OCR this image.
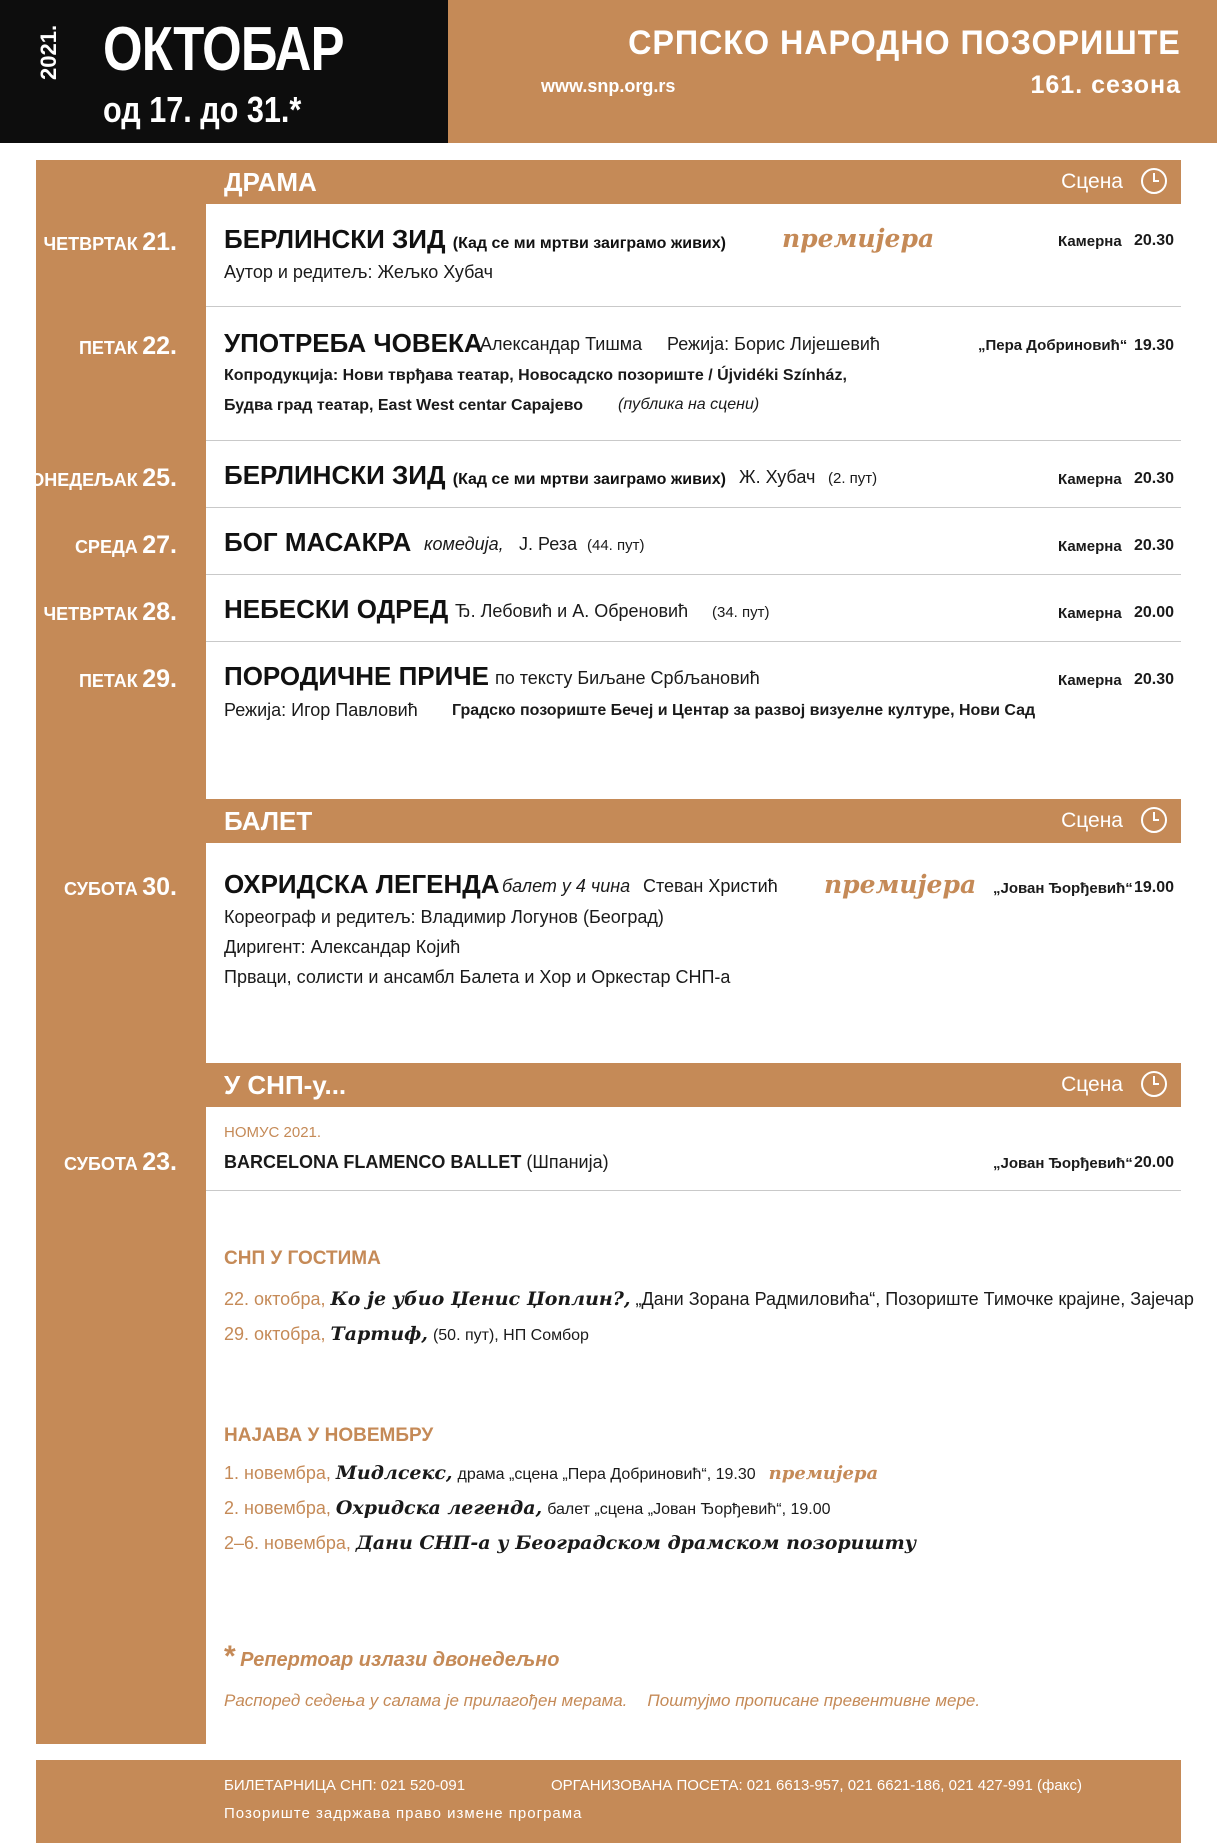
2021. ОКТОБАР
од 17. до 31.*
СРПСКО НАРОДНО ПОЗОРИШТЕ
www.snp.org.rs	161. сезона
ДРАМА	Сцена
ЧЕТВРТАК 21. БЕРЛИНСКИ ЗИД (Кад се ми мртви заиграмо живих) премијера	Камерна 20.30
Аутор и редитељ: Жељко Хубач
ПЕТАК 22. УПОТРЕБА ЧОВЕКА
Александар Тишма Режија: Борис Лијешевић	„Пера Добриновић“ 19.30
Копродукција: Нови тврђава театар, Новосадско позориште / Újvidéki Színház,
Будва град театар, East West centar Сарајево (публика на сцени)
ПОНЕДЕЉАК 25. БЕРЛИНСКИ ЗИД (Кад се ми мртви заиграмо живих) Ж. Хубач (2. пут)	Камерна 20.30
СРЕДА 27. БОГ МАСАКРА комедија, Ј. Реза (44. пут)	Камерна 20.30
ЧЕТВРТАК 28. НЕБЕСКИ ОДРЕД Ђ. Лебовић и А. Обреновић (34. пут)	Камерна 20.00
ПЕТАК 29. ПОРОДИЧНЕ ПРИЧЕ по тексту Биљане Србљановић	Камерна 20.30
Режија: Игор Павловић Градско позориште Бечеј и Центар за развој визуелне културе, Нови Сад
БАЛЕТ	Сцена
СУБОТА 30. ОХРИДСКА ЛЕГЕНДА балет у 4 чина Стеван Христић премијера „Јован Ђорђевић“ 19.00
Кореограф и редитељ: Владимир Логунов (Београд)
Диригент: Александар Којић
Прваци, солисти и ансамбл Балета и Хор и Оркестар СНП-а
У СНП-у...	Сцена
НОМУС 2021.
СУБОТА 23.	BARCELONA FLAMENCO BALLET (Шпанија)	„Јован Ђорђевић“ 20.00
СНП У ГОСТИМА
22. октобра, Ко је убио Џенис Џоплин?, „Дани Зорана Радмиловића“, Позориште Тимочке крајине, Зајечар
29. октобра, Тартиф, (50. пут), НП Сомбор
НАЈАВА У НОВЕМБРУ
1. новембра, Мидлсекс, драма „сцена „Пера Добриновић“, 19.30 премијера
2. новембра, Охридска легенда, балет „сцена „Јован Ђорђевић“, 19.00
2–6. новембра, Дани СНП-а у Београдском драмском позоришту
* Репертоар излази двонедељно
Распоред седења у салама је прилагођен мерама. Поштујмо прописане превентивне мере.
БИЛЕТАРНИЦА СНП: 021 520-091	ОРГАНИЗОВАНА ПОСЕТА: 021 6613-957, 021 6621-186, 021 427-991 (факс)
Позориште задржава право измене програма
